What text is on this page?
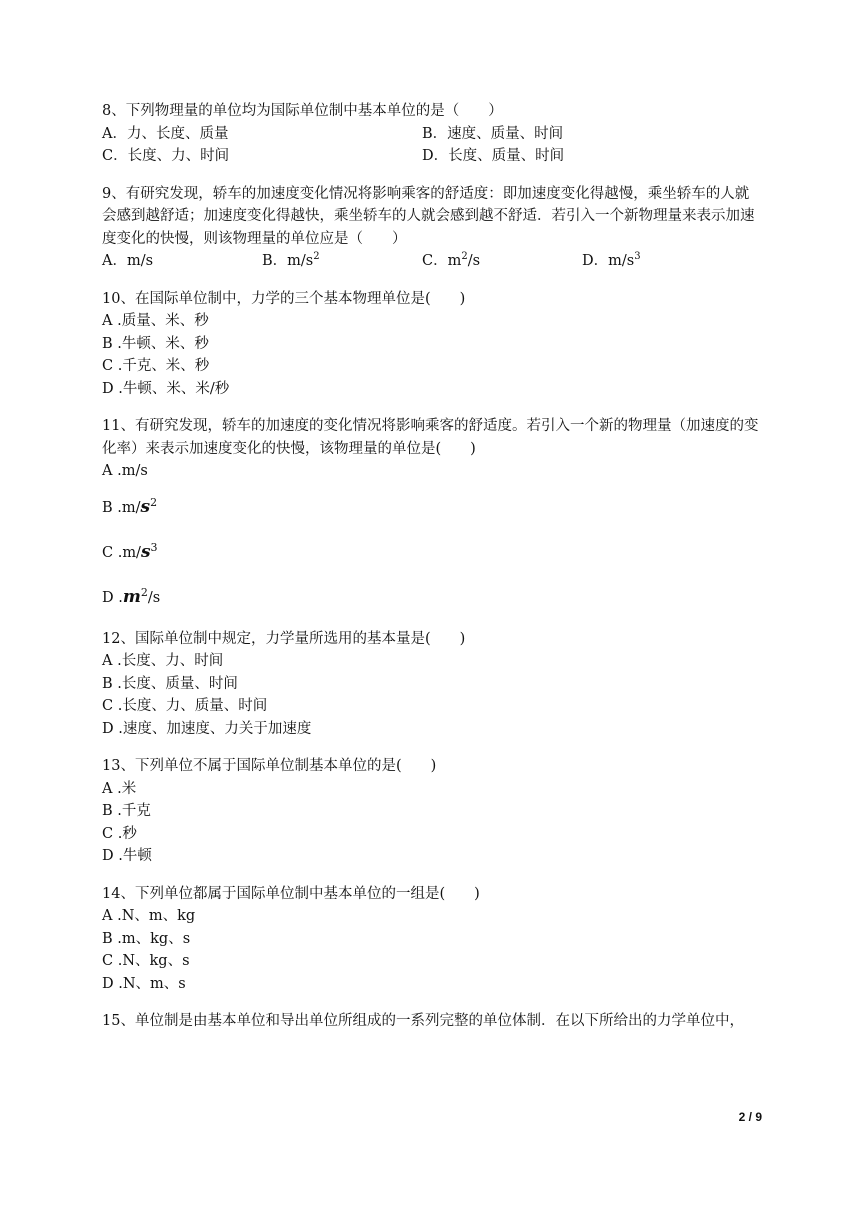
8、下列物理量的单位均为国际单位制中基本单位的是（　　）
A．力、长度、质量	B．速度、质量、时间
C．长度、力、时间	D．长度、质量、时间
9、有研究发现，轿车的加速度变化情况将影响乘客的舒适度：即加速度变化得越慢，乘坐轿车的人就会感到越舒适；加速度变化得越快，乘坐轿车的人就会感到越不舒适．若引入一个新物理量来表示加速度变化的快慢，则该物理量的单位应是（　　）
A．m/s	B．$m/s^2$	C．$m^2/s$	D．$m/s^3$
10、在国际单位制中，力学的三个基本物理单位是(　　)
A .质量、米、秒
B .牛顿、米、秒
C .千克、米、秒
D .牛顿、米、米/秒
11、有研究发现，轿车的加速度的变化情况将影响乘客的舒适度。若引入一个新的物理量（加速度的变化率）来表示加速度变化的快慢，该物理量的单位是(　　)
A .m/s
B $.m/s^2$
C $.m/s^3$
D $.m^2/s$
12、国际单位制中规定，力学量所选用的基本量是(　　)
A .长度、力、时间
B .长度、质量、时间
C .长度、力、质量、时间
D .速度、加速度、力关于加速度
13、下列单位不属于国际单位制基本单位的是(　　)
A .米
B .千克
C .秒
D .牛顿
14、下列单位都属于国际单位制中基本单位的一组是(　　)
A .N、m、kg
B .m、kg、s
C .N、kg、s
D .N、m、s
15、单位制是由基本单位和导出单位所组成的一系列完整的单位体制．在以下所给出的力学单位中，
2 / 9
